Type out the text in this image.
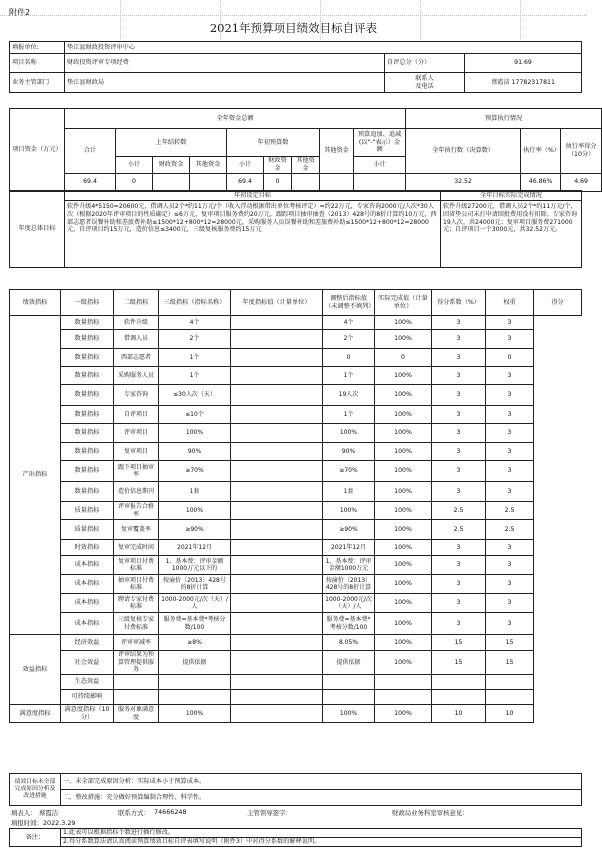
附件2
2021年预算项目绩效目标自评表
填报单位:	垫江县财政投资评审中心		
项目名称	财政投资评审专项经费	自评总分（分）	91.69
业务主管部门	垫江县财政局	联系人
及电话	蔡霞洁 17782317811
项目资金（万元）	全年资金总额									预算执行情况		
	合计	上年结转数			年初预算数			其他资金	预算追加、追减(以"-"表示）金额	全年执行数（决算数）	执行率（%）	执行率得分（10分）
		小计	财政资金	其他资金	小计	财政资金	其他资金		小计			
	69.4	0			69.4	0				32.52	46.86%	4.69
年度总体目标	年初设定目标	全年目标实际完成情况
	软件升级4*5150=20600元，借调人员2个*约11万元/个（收入浮动根据借出单位考核评定）=约22万元，专家咨询2000元/人次*30人次（根据2020年评审项目的性质确定）≤6万元，复审项目服务费约20万元，跟踪项目抽审抽查（2013）428号的8折计算约10万元，西部志愿者误餐补助和差旅费补助≤1500*12+800*12=28000元，采购服务人员误餐补助和差旅费补助≤1500*12+800*12=28000元，自评项目约15万元，造价信息≤3400元，三级复核服务费约15万元	软件升级27200元，借调人员2个*约11万元/个，因省垫公司未打申请回批费用没有扣除。专家咨询19人次，共24000元；复审项目服务费271000元；自评项目一个3000元，共32.52万元。
绩效指标	一级指标	二级指标	三级指标（指标名称）	年度指标值（计量单位）	调整后指标值（未调整不填列）	实际完成值（计量单位）	得分系数（%）	权重	得分
产出指标	数量指标	软件升级	4个		4个	100%	3	3	
	数量指标	借调人员	2个		2个	100%	3	3	
	数量指标	西部志愿者	1个		0	0	3	0	
	数量指标	采购服务人员	1个		1个	100%	3	3	
	数量指标	专家咨询	≤30人次（天）		19人次	100%	3	3	
	数量指标	自评项目	≤10个		1个	100%	3	3	
	数量指标	评审项目	100%		100%	100%	3	3	
	数量指标	复审项目	90%		90%	100%	3	3	
	数量指标	跟下项目抽审率	≥70%		≥70%	100%	3	3	
	数量指标	造价信息期刊	1套		1套	100%	3	3	
	质量指标	评审报告合格率	100%		100%	100%	2.5	2.5	
	质量指标	复审覆盖率	≥90%		≥90%	100%	2.5	2.5	
	时效指标	复审完成时间	2021年12月		2021年12月	100%	3	3	
	成本指标	复审项目付费标准	1、基本费：评审金额1000万元以下的		1、基本费：评审金额1000万元	100%	3	3	
	成本指标	抽审项目付费标准	按渝价〔2013〕428号的8折计算		按渝价〔2013〕428号的8折计算	100%	3	3	
	成本指标	聘请专家付费标准	1000-2000元/次（天）/人		1000-2000元/次（天）/人	100%	3	3	
	成本指标	三级复核专家付费标准	服务费=基本费*考核分数/100		服务费=基本费*考核分数/100	100%	3	3	
效益指标	经济效益	评审审减率	≥8%		8.05%	100%	15	15	
	社会效益	评审结果为预算管理提供服务	提供依据		提供依据	100%	15	15	
	生态效益								
	可持续影响								
满意度指标	满意度指标（10分）	服务对象满意度	100%		100%	100%	10	10	
绩效目标未全部完成原因分析及改进措施	一、未全部完成原因分析：实际成本小于预算成本。
二、整改措施：充分做好预算编制合理性、科学性。
填表人： 蔡霞洁	联系方式： 74666248	主管领导签字：	财政局业务科室审核意见：
填报时间：2022.3.29
备注：	1.此表可以根据指标个数进行插行修改。
2.得分系数算法请认真阅读预算绩效目标自评表填写说明（附件3）中对得分系数的解释说明。
